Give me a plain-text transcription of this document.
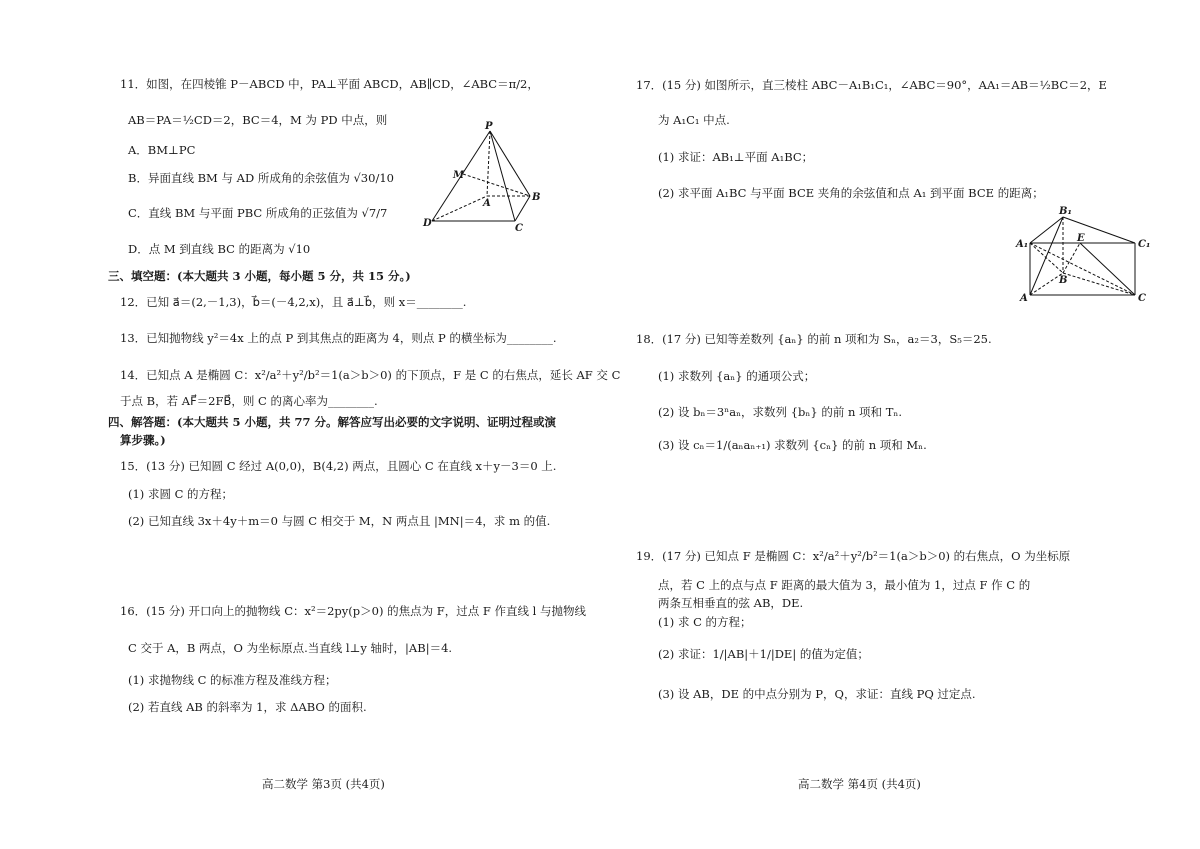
11．如图，在四棱锥 P－ABCD 中，PA⊥平面 ABCD，AB∥CD，∠ABC＝π/2，
AB＝PA＝½CD＝2，BC＝4，M 为 PD 中点，则
A．BM⊥PC
B．异面直线 BM 与 AD 所成角的余弦值为 √30/10
C．直线 BM 与平面 PBC 所成角的正弦值为 √7/7
D．点 M 到直线 BC 的距离为 √10
P
M
A
B
D	C
三、填空题：(本大题共 3 小题，每小题 5 分，共 15 分。)
12．已知 a⃗＝(2,－1,3)，b⃗＝(－4,2,x)，且 a⃗⊥b⃗，则 x＝________.
13．已知抛物线 y²＝4x 上的点 P 到其焦点的距离为 4，则点 P 的横坐标为________.
14．已知点 A 是椭圆 C：x²/a²＋y²/b²＝1(a＞b＞0) 的下顶点，F 是 C 的右焦点，延长 AF 交 C
于点 B，若 AF⃗＝2FB⃗，则 C 的离心率为________.
四、解答题：(本大题共 5 小题，共 77 分。解答应写出必要的文字说明、证明过程或演
算步骤。)
15．(13 分) 已知圆 C 经过 A(0,0)，B(4,2) 两点，且圆心 C 在直线 x＋y－3＝0 上.
(1) 求圆 C 的方程；
(2) 已知直线 3x＋4y＋m＝0 与圆 C 相交于 M，N 两点且 |MN|＝4，求 m 的值.
16．(15 分) 开口向上的抛物线 C：x²＝2py(p＞0) 的焦点为 F，过点 F 作直线 l 与抛物线
C 交于 A，B 两点，O 为坐标原点.当直线 l⊥y 轴时，|AB|＝4.
(1) 求抛物线 C 的标准方程及准线方程；
(2) 若直线 AB 的斜率为 1，求 ΔABO 的面积.
高二数学 第3页 (共4页)
17．(15 分) 如图所示，直三棱柱 ABC－A₁B₁C₁，∠ABC＝90°，AA₁＝AB＝½BC＝2，E
为 A₁C₁ 中点.
(1) 求证：AB₁⊥平面 A₁BC；
(2) 求平面 A₁BC 与平面 BCE 夹角的余弦值和点 A₁ 到平面 BCE 的距离；
B₁
A₁
E
C₁
B
A	C
18．(17 分) 已知等差数列 {aₙ} 的前 n 项和为 Sₙ，a₂＝3，S₅＝25.
(1) 求数列 {aₙ} 的通项公式；
(2) 设 bₙ＝3ⁿaₙ，求数列 {bₙ} 的前 n 项和 Tₙ.
(3) 设 cₙ＝1/(aₙaₙ₊₁) 求数列 {cₙ} 的前 n 项和 Mₙ.
19．(17 分) 已知点 F 是椭圆 C：x²/a²＋y²/b²＝1(a＞b＞0) 的右焦点，O 为坐标原
点，若 C 上的点与点 F 距离的最大值为 3，最小值为 1，过点 F 作 C 的
两条互相垂直的弦 AB，DE.
(1) 求 C 的方程；
(2) 求证：1/|AB|＋1/|DE| 的值为定值；
(3) 设 AB，DE 的中点分别为 P，Q，求证：直线 PQ 过定点.
高二数学 第4页 (共4页)
